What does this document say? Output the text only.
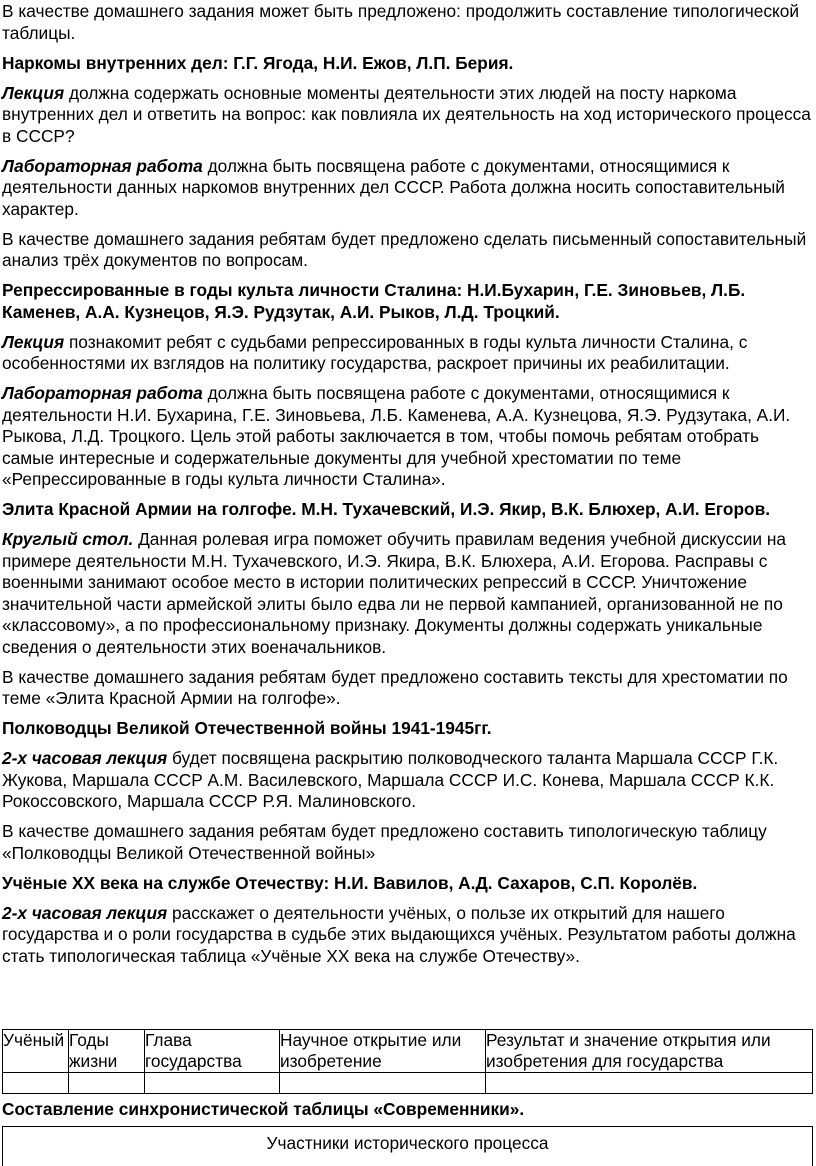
В качестве домашнего задания может быть предложено: продолжить составление типологической таблицы.

Наркомы внутренних дел: Г.Г. Ягода, Н.И. Ежов, Л.П. Берия.

Лекция должна содержать основные моменты деятельности этих людей на посту наркома внутренних дел и ответить на вопрос: как повлияла их деятельность на ход исторического процесса в СССР?

Лабораторная работа должна быть посвящена работе с документами, относящимися к деятельности данных наркомов внутренних дел СССР. Работа должна носить сопоставительный характер.

В качестве домашнего задания ребятам будет предложено сделать письменный сопоставительный анализ трёх документов по вопросам.

Репрессированные в годы культа личности Сталина: Н.И.Бухарин, Г.Е. Зиновьев, Л.Б. Каменев, А.А. Кузнецов, Я.Э. Рудзутак, А.И. Рыков, Л.Д. Троцкий.

Лекция познакомит ребят с судьбами репрессированных в годы культа личности Сталина, с особенностями их взглядов на политику государства, раскроет причины их реабилитации.

Лабораторная работа должна быть посвящена работе с документами, относящимися к деятельности Н.И. Бухарина, Г.Е. Зиновьева, Л.Б. Каменева, А.А. Кузнецова, Я.Э. Рудзутака, А.И. Рыкова, Л.Д. Троцкого. Цель этой работы заключается в том, чтобы помочь ребятам отобрать самые интересные и содержательные документы для учебной хрестоматии по теме «Репрессированные в годы культа личности Сталина».

Элита Красной Армии на голгофе. М.Н. Тухачевский, И.Э. Якир, В.К. Блюхер, А.И. Егоров.

Круглый стол. Данная ролевая игра поможет обучить правилам ведения учебной дискуссии на примере деятельности М.Н. Тухачевского, И.Э. Якира, В.К. Блюхера, А.И. Егорова. Расправы с военными занимают особое место в истории политических репрессий в СССР. Уничтожение значительной части армейской элиты было едва ли не первой кампанией, организованной не по «классовому», а по профессиональному признаку. Документы должны содержать уникальные сведения о деятельности этих военачальников.

В качестве домашнего задания ребятам будет предложено составить тексты для хрестоматии по теме «Элита Красной Армии на голгофе».

Полководцы Великой Отечественной войны 1941-1945гг.

2-х часовая лекция будет посвящена раскрытию полководческого таланта Маршала СССР Г.К. Жукова, Маршала СССР А.М. Василевского, Маршала СССР И.С. Конева, Маршала СССР К.К. Рокоссовского, Маршала СССР Р.Я. Малиновского.

В качестве домашнего задания ребятам будет предложено составить типологическую таблицу «Полководцы Великой Отечественной войны»

Учёные XX века на службе Отечеству: Н.И. Вавилов, А.Д. Сахаров, С.П. Королёв.

2-х часовая лекция расскажет о деятельности учёных, о пользе их открытий для нашего государства и о роли государства в судьбе этих выдающихся учёных. Результатом работы должна стать типологическая таблица «Учёные XX века на службе Отечеству».

Учёный	Годы жизни	Глава государства	Научное открытие или изобретение	Результат и значение открытия или изобретения для государства

Составление синхронистической таблицы «Современники».
Участники исторического процесса
